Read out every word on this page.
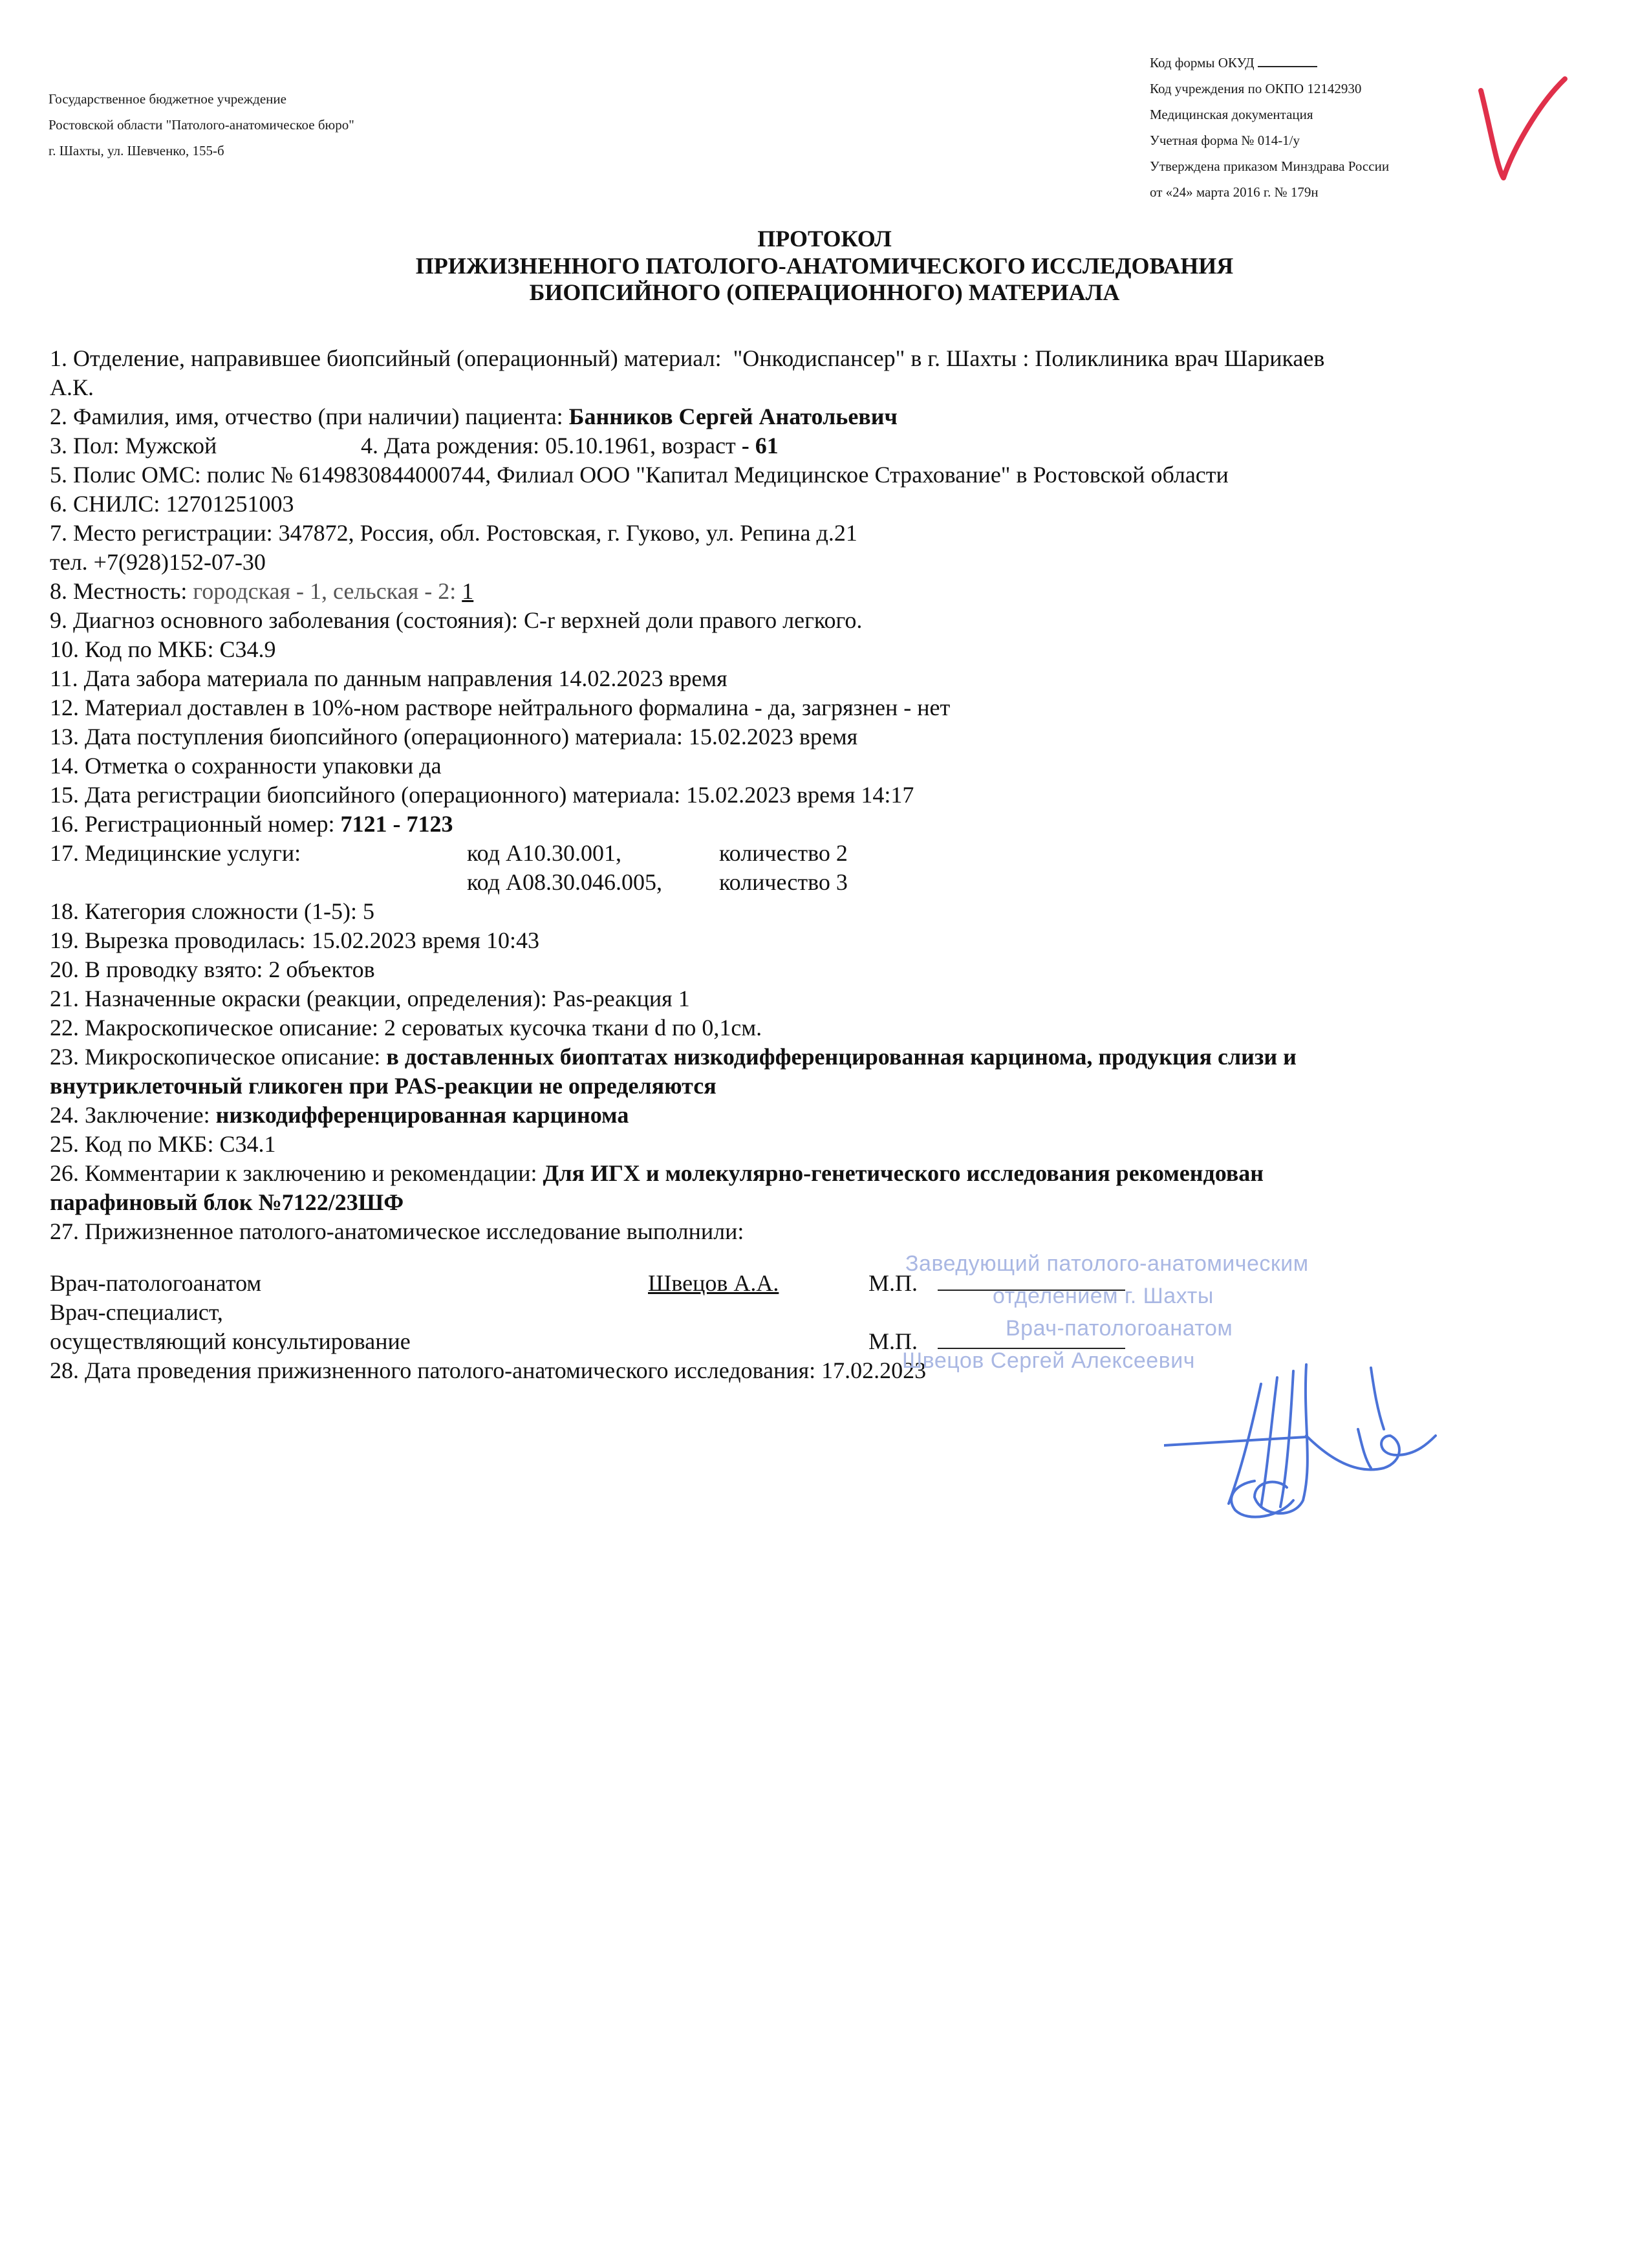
Государственное бюджетное учреждение
Ростовской области "Патолого-анатомическое бюро"
г. Шахты, ул. Шевченко, 155-б
Код формы ОКУД
Код учреждения по ОКПО 12142930
Медицинская документация
Учетная форма № 014-1/у
Утверждена приказом Минздрава России
от «24» марта 2016 г. № 179н
ПРОТОКОЛ
ПРИЖИЗНЕННОГО ПАТОЛОГО-АНАТОМИЧЕСКОГО ИССЛЕДОВАНИЯ
БИОПСИЙНОГО (ОПЕРАЦИОННОГО) МАТЕРИАЛА
1. Отделение, направившее биопсийный (операционный) материал: "Онкодиспансер" в г. Шахты : Поликлиника врач Шарикаев
А.К.
2. Фамилия, имя, отчество (при наличии) пациента: Банников Сергей Анатольевич
3. Пол: Мужской	4. Дата рождения: 05.10.1961, возраст - 61
5. Полис ОМС: полис № 6149830844000744, Филиал ООО "Капитал Медицинское Страхование" в Ростовской области
6. СНИЛС: 12701251003
7. Место регистрации: 347872, Россия, обл. Ростовская, г. Гуково, ул. Репина д.21
тел. +7(928)152-07-30
8. Местность: городская - 1, сельская - 2: 1
9. Диагноз основного заболевания (состояния): С-r верхней доли правого легкого.
10. Код по МКБ: C34.9
11. Дата забора материала по данным направления 14.02.2023 время
12. Материал доставлен в 10%-ном растворе нейтрального формалина - да, загрязнен - нет
13. Дата поступления биопсийного (операционного) материала: 15.02.2023 время
14. Отметка о сохранности упаковки да
15. Дата регистрации биопсийного (операционного) материала: 15.02.2023 время 14:17
16. Регистрационный номер: 7121 - 7123
17. Медицинские услуги:	код A10.30.001,	количество 2
код A08.30.046.005, количество 3
18. Категория сложности (1-5): 5
19. Вырезка проводилась: 15.02.2023 время 10:43
20. В проводку взято: 2 объектов
21. Назначенные окраски (реакции, определения): Pas-реакция 1
22. Макроскопическое описание: 2 сероватых кусочка ткани d по 0,1см.
23. Микроскопическое описание: в доставленных биоптатах низкодифференцированная карцинома, продукция слизи и
внутриклеточный гликоген при PAS-реакции не определяются
24. Заключение: низкодифференцированная карцинома
25. Код по МКБ: C34.1
26. Комментарии к заключению и рекомендации: Для ИГХ и молекулярно-генетического исследования рекомендован
парафиновый блок №7122/23ШФ
27. Прижизненное патолого-анатомическое исследование выполнили:
Врач-патологоанатом	Швецов А.А.	М.П.
Врач-специалист,
осуществляющий консультирование	М.П.
28. Дата проведения прижизненного патолого-анатомического исследования: 17.02.2023
Заведующий патолого-анатомическим
отделением г. Шахты
Врач-патологоанатом
Швецов Сергей Алексеевич
